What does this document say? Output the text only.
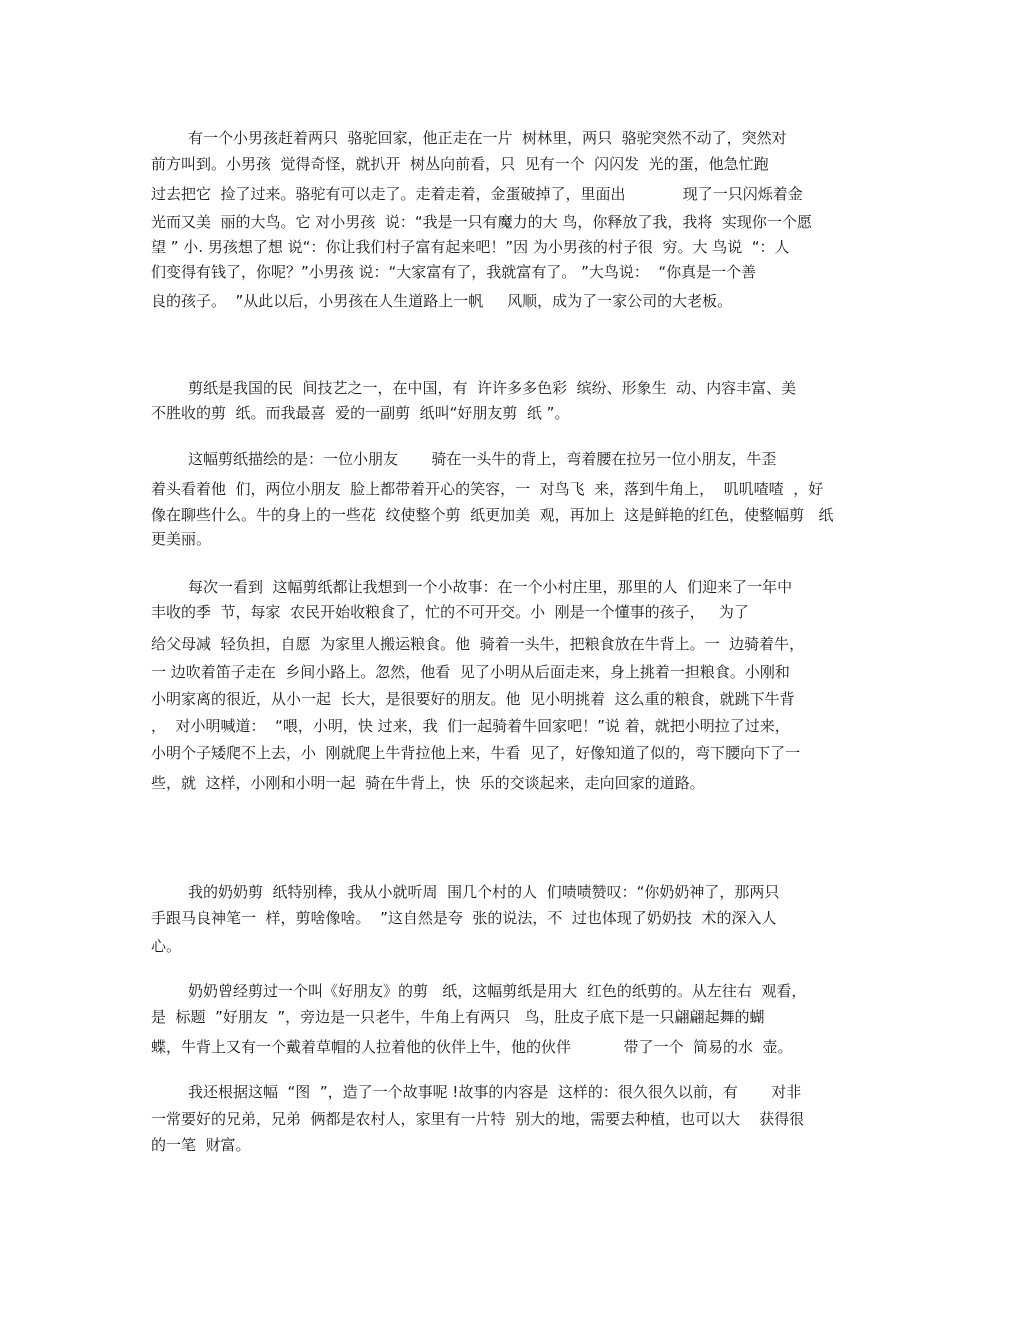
有一个小男孩赶着两只  骆驼回家，他正走在一片  树林里，两只  骆驼突然不动了，突然对
前方叫到。小男孩  觉得奇怪，就扒开  树丛向前看，只  见有一个  闪闪发  光的蛋，他急忙跑
过去把它  捡了过来。骆驼有可以走了。走着走着，金蛋破掉了，里面出            现了一只闪烁着金
光而又美  丽的大鸟。它 对小男孩  说：“我是一只有魔力的大 鸟，你释放了我，我将  实现你一个愿
望 ” 小. 男孩想了想 说“：你让我们村子富有起来吧！”因 为小男孩的村子很  穷。大 鸟说  “：人
们变得有钱了，你呢？”小男孩 说：“大家富有了，我就富有了。 ”大鸟说：  “你真是一个善
良的孩子。  ”从此以后，小男孩在人生道路上一帆     风顺，成为了一家公司的大老板。
剪纸是我国的民  间技艺之一，在中国，有  许许多多色彩  缤纷、形象生  动、内容丰富、美
不胜收的剪  纸。而我最喜  爱的一副剪  纸叫“好朋友剪  纸 ”。
这幅剪纸描绘的是：一位小朋友       骑在一头牛的背上，弯着腰在拉另一位小朋友，牛歪
着头看着他  们，两位小朋友  脸上都带着开心的笑容，一  对鸟飞  来，落到牛角上，  叽叽喳喳  ，好
像在聊些什么。牛的身上的一些花  纹使整个剪  纸更加美  观，再加上  这是鲜艳的红色，使整幅剪   纸
更美丽。
每次一看到  这幅剪纸都让我想到一个小故事：在一个小村庄里，那里的人  们迎来了一年中
丰收的季  节，每家  农民开始收粮食了，忙的不可开交。小  刚是一个懂事的孩子，   为了
给父母减  轻负担，自愿  为家里人搬运粮食。他  骑着一头牛，把粮食放在牛背上。一  边骑着牛，
一 边吹着笛子走在  乡间小路上。忽然，他看  见了小明从后面走来，身上挑着一担粮食。小刚和
小明家离的很近，从小一起  长大，是很要好的朋友。他  见小明挑着  这么重的粮食，就跳下牛背
，  对小明喊道：  “喂，小明，快 过来，我  们一起骑着牛回家吧！”说 着，就把小明拉了过来，
小明个子矮爬不上去，小  刚就爬上牛背拉他上来，牛看  见了，好像知道了似的，弯下腰向下了一
些，就  这样，小刚和小明一起  骑在牛背上，快  乐的交谈起来，走向回家的道路。
我的奶奶剪  纸特别棒，我从小就听周  围几个村的人  们啧啧赞叹：“你奶奶神了，那两只
手跟马良神笔一  样，剪啥像啥。  ”这自然是夸  张的说法，不  过也体现了奶奶技  术的深入人
心。
奶奶曾经剪过一个叫《好朋友》的剪   纸，这幅剪纸是用大  红色的纸剪的。从左往右  观看，
是  标题  ”好朋友  ”，旁边是一只老牛，牛角上有两只   鸟，肚皮子底下是一只翩翩起舞的蝴
蝶，牛背上又有一个戴着草帽的人拉着他的伙伴上牛，他的伙伴           带了一个  简易的水  壶。
我还根据这幅  “图  ”，造了一个故事呢 !故事的内容是  这样的：很久很久以前，有       对非
一常要好的兄弟，兄弟  俩都是农村人，家里有一片特  别大的地，需要去种植，也可以大    获得很
的一笔  财富。
